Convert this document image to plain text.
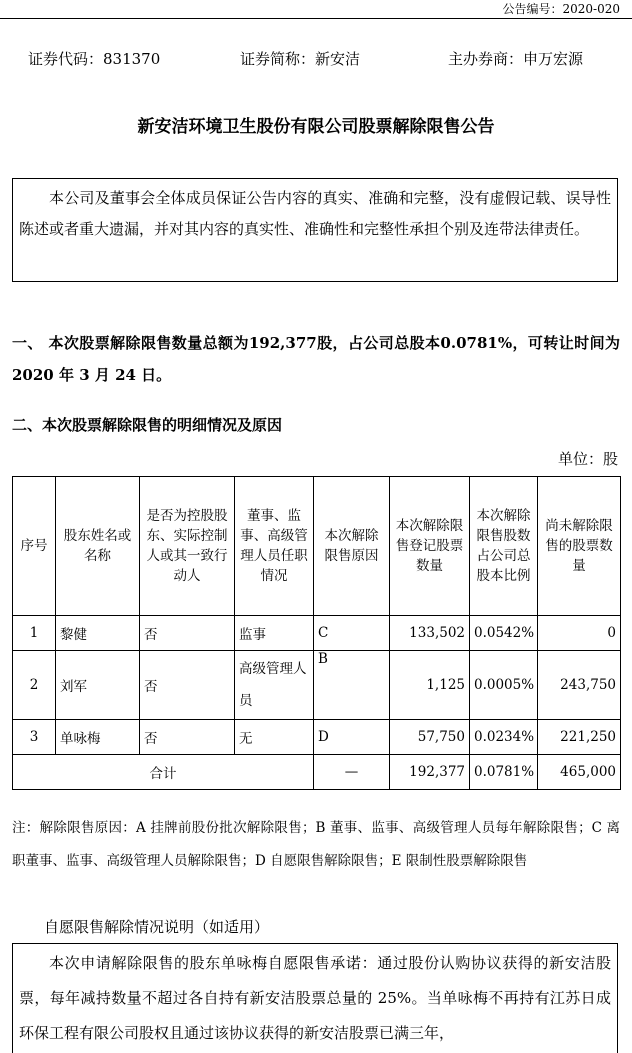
公告编号：2020-020
证券代码：831370	证券简称：新安洁	主办券商：申万宏源
新安洁环境卫生股份有限公司股票解除限售公告
本公司及董事会全体成员保证公告内容的真实、准确和完整，没有虚假记载、误导性陈述或者重大遗漏，并对其内容的真实性、准确性和完整性承担个别及连带法律责任。
一、 本次股票解除限售数量总额为192,377股，占公司总股本0.0781%，可转让时间为2020 年 3 月 24 日。
二、本次股票解除限售的明细情况及原因
单位：股
序号	股东姓名或名称	是否为控股股东、实际控制人或其一致行动人	董事、监事、高级管理人员任职情况	本次解除限售原因	本次解除限售登记股票数量	本次解除限售股数占公司总股本比例	尚未解除限售的股票数量
1	黎健	否	监事	C	133,502	0.0542%	0
2	刘军	否	高级管理人员	B	1,125	0.0005%	243,750
3	单咏梅	否	无	D	57,750	0.0234%	221,250
合计				—	192,377	0.0781%	465,000
注：解除限售原因：A 挂牌前股份批次解除限售；B 董事、监事、高级管理人员每年解除限售；C 离职董事、监事、高级管理人员解除限售；D 自愿限售解除限售；E 限制性股票解除限售
自愿限售解除情况说明（如适用）
本次申请解除限售的股东单咏梅自愿限售承诺：通过股份认购协议获得的新安洁股票，每年减持数量不超过各自持有新安洁股票总量的 25%。当单咏梅不再持有江苏日成环保工程有限公司股权且通过该协议获得的新安洁股票已满三年，
